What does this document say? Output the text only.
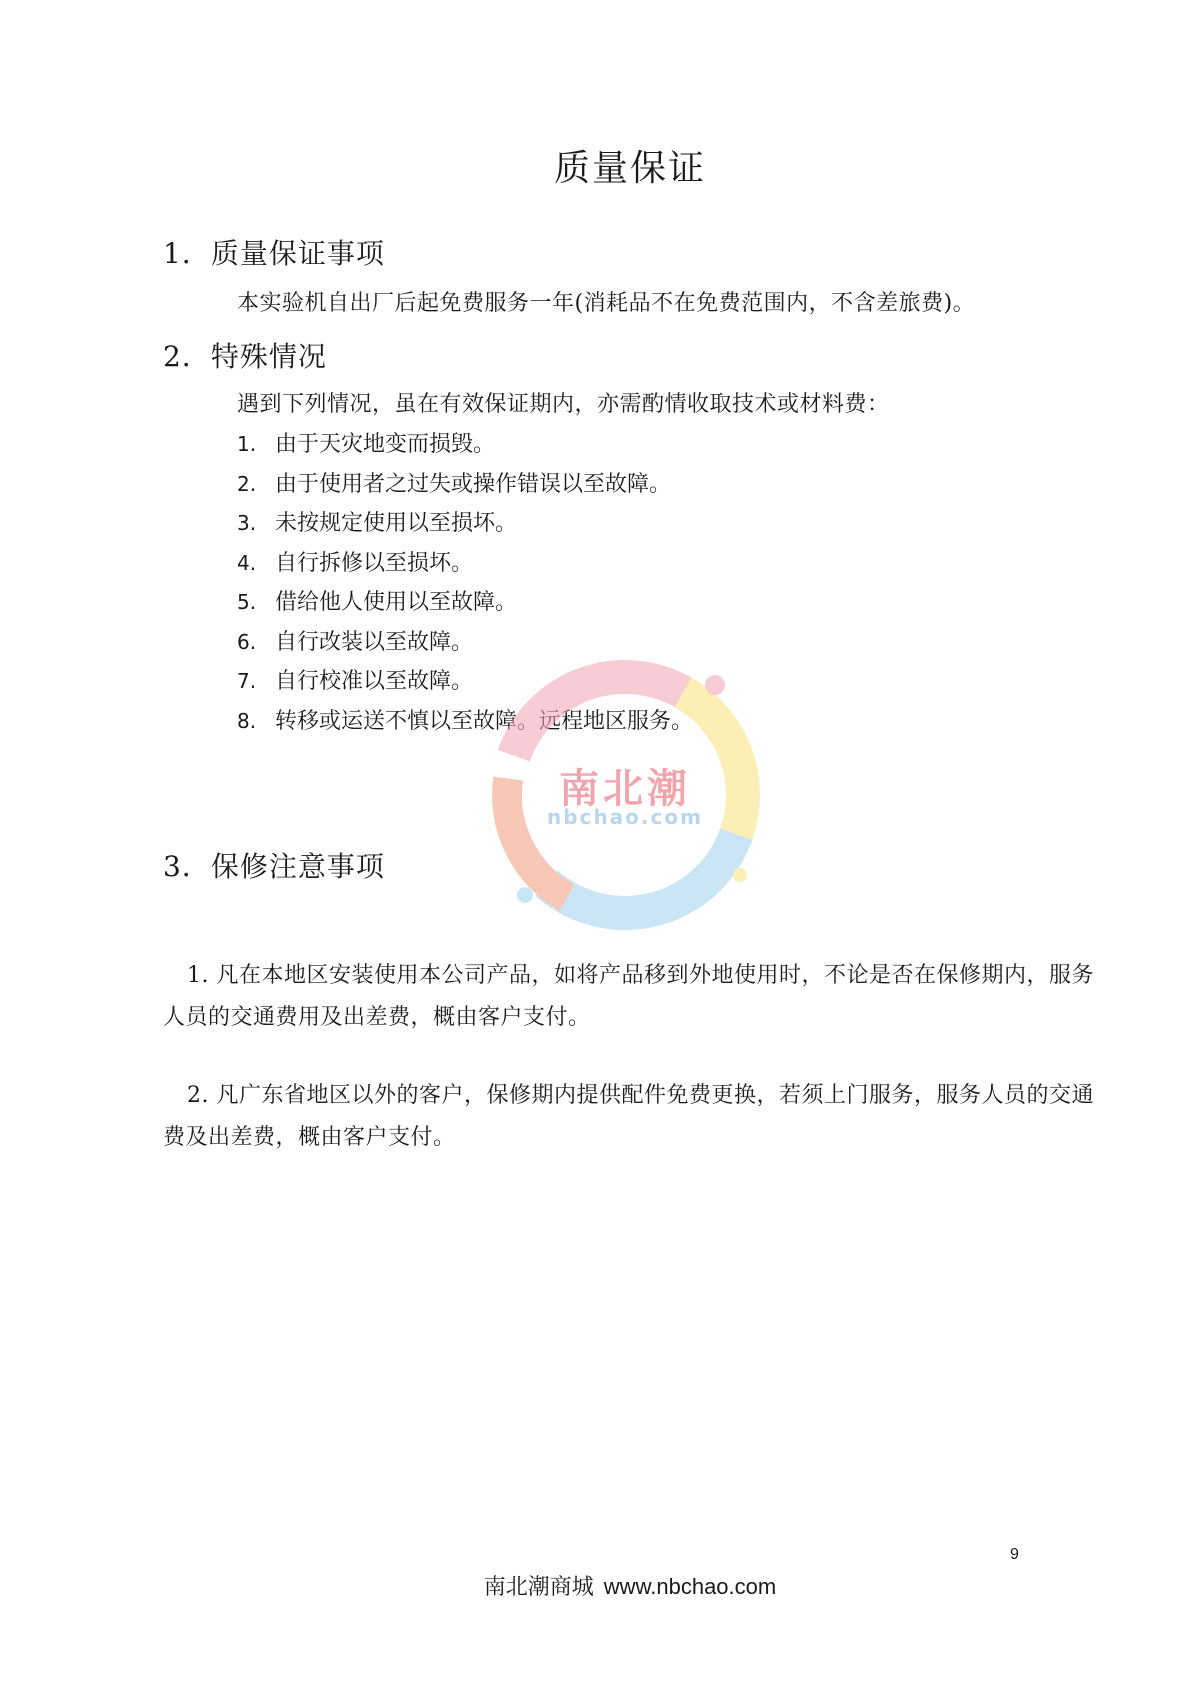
质量保证
1．质量保证事项
本实验机自出厂后起免费服务一年(消耗品不在免费范围内，不含差旅费)。
2．特殊情况
遇到下列情况，虽在有效保证期内，亦需酌情收取技术或材料费：
1. 由于天灾地变而损毁。
2. 由于使用者之过失或操作错误以至故障。
3. 未按规定使用以至损坏。
4. 自行拆修以至损坏。
5. 借给他人使用以至故障。
6. 自行改装以至故障。
7. 自行校准以至故障。
8. 转移或运送不慎以至故障。远程地区服务。
南北潮
nbchao.com
3．保修注意事项
1. 凡在本地区安装使用本公司产品，如将产品移到外地使用时，不论是否在保修期内，服务人员的交通费用及出差费，概由客户支付。
2. 凡广东省地区以外的客户，保修期内提供配件免费更换，若须上门服务，服务人员的交通费及出差费，概由客户支付。
9
南北潮商城 www.nbchao.com
